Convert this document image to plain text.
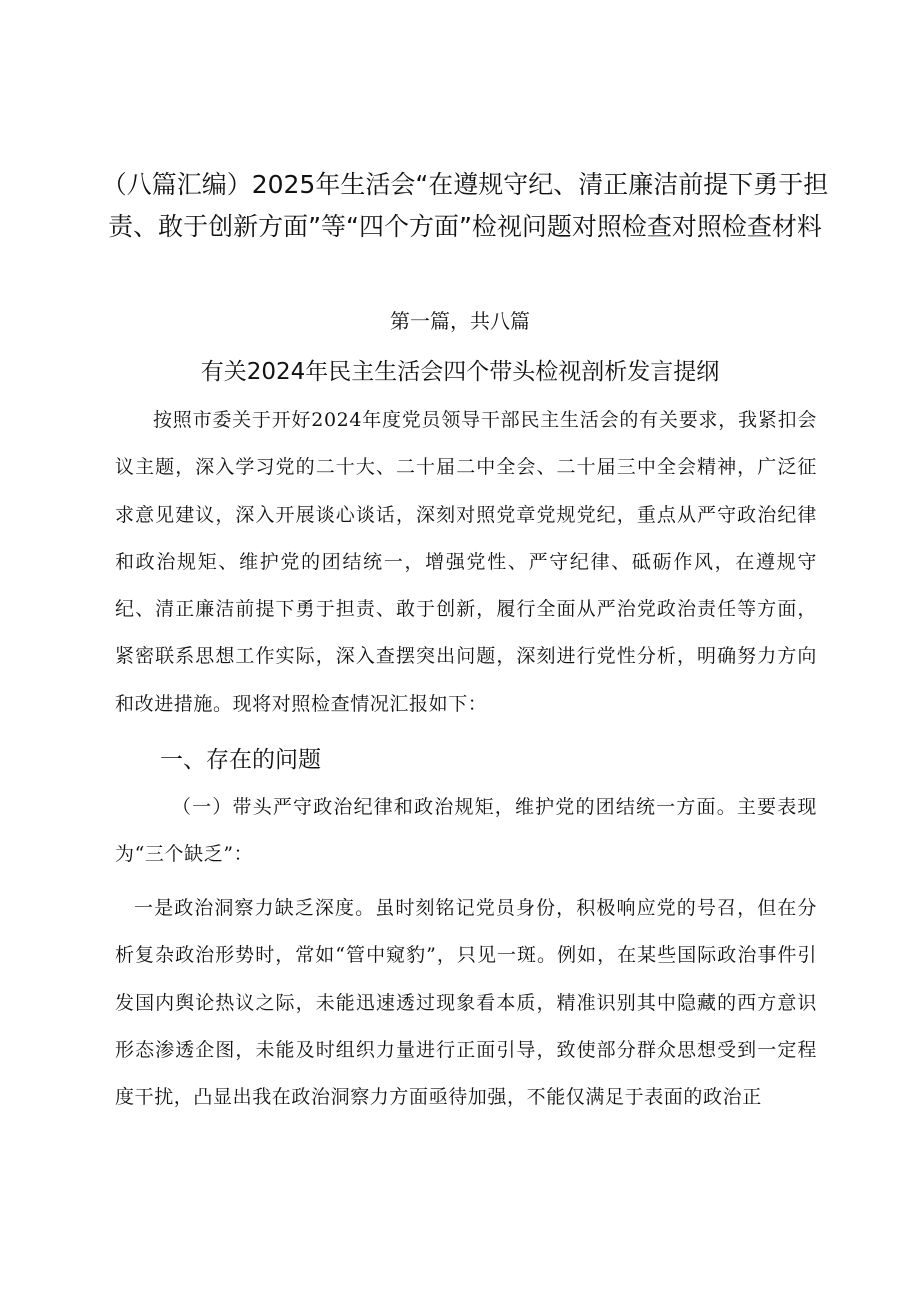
（八篇汇编）2025年生活会“在遵规守纪、清正廉洁前提下勇于担责、敢于创新方面”等“四个方面”检视问题对照检查对照检查材料

第一篇，共八篇

有关2024年民主生活会四个带头检视剖析发言提纲

按照市委关于开好2024年度党员领导干部民主生活会的有关要求，我紧扣会议主题，深入学习党的二十大、二十届二中全会、二十届三中全会精神，广泛征求意见建议，深入开展谈心谈话，深刻对照党章党规党纪，重点从严守政治纪律和政治规矩、维护党的团结统一，增强党性、严守纪律、砥砺作风，在遵规守纪、清正廉洁前提下勇于担责、敢于创新，履行全面从严治党政治责任等方面，紧密联系思想工作实际，深入查摆突出问题，深刻进行党性分析，明确努力方向和改进措施。现将对照检查情况汇报如下：

一、存在的问题

（一）带头严守政治纪律和政治规矩，维护党的团结统一方面。主要表现为“三个缺乏”：

一是政治洞察力缺乏深度。虽时刻铭记党员身份，积极响应党的号召，但在分析复杂政治形势时，常如“管中窥豹”，只见一斑。例如，在某些国际政治事件引发国内舆论热议之际，未能迅速透过现象看本质，精准识别其中隐藏的西方意识形态渗透企图，未能及时组织力量进行正面引导，致使部分群众思想受到一定程度干扰，凸显出我在政治洞察力方面亟待加强，不能仅满足于表面的政治正
